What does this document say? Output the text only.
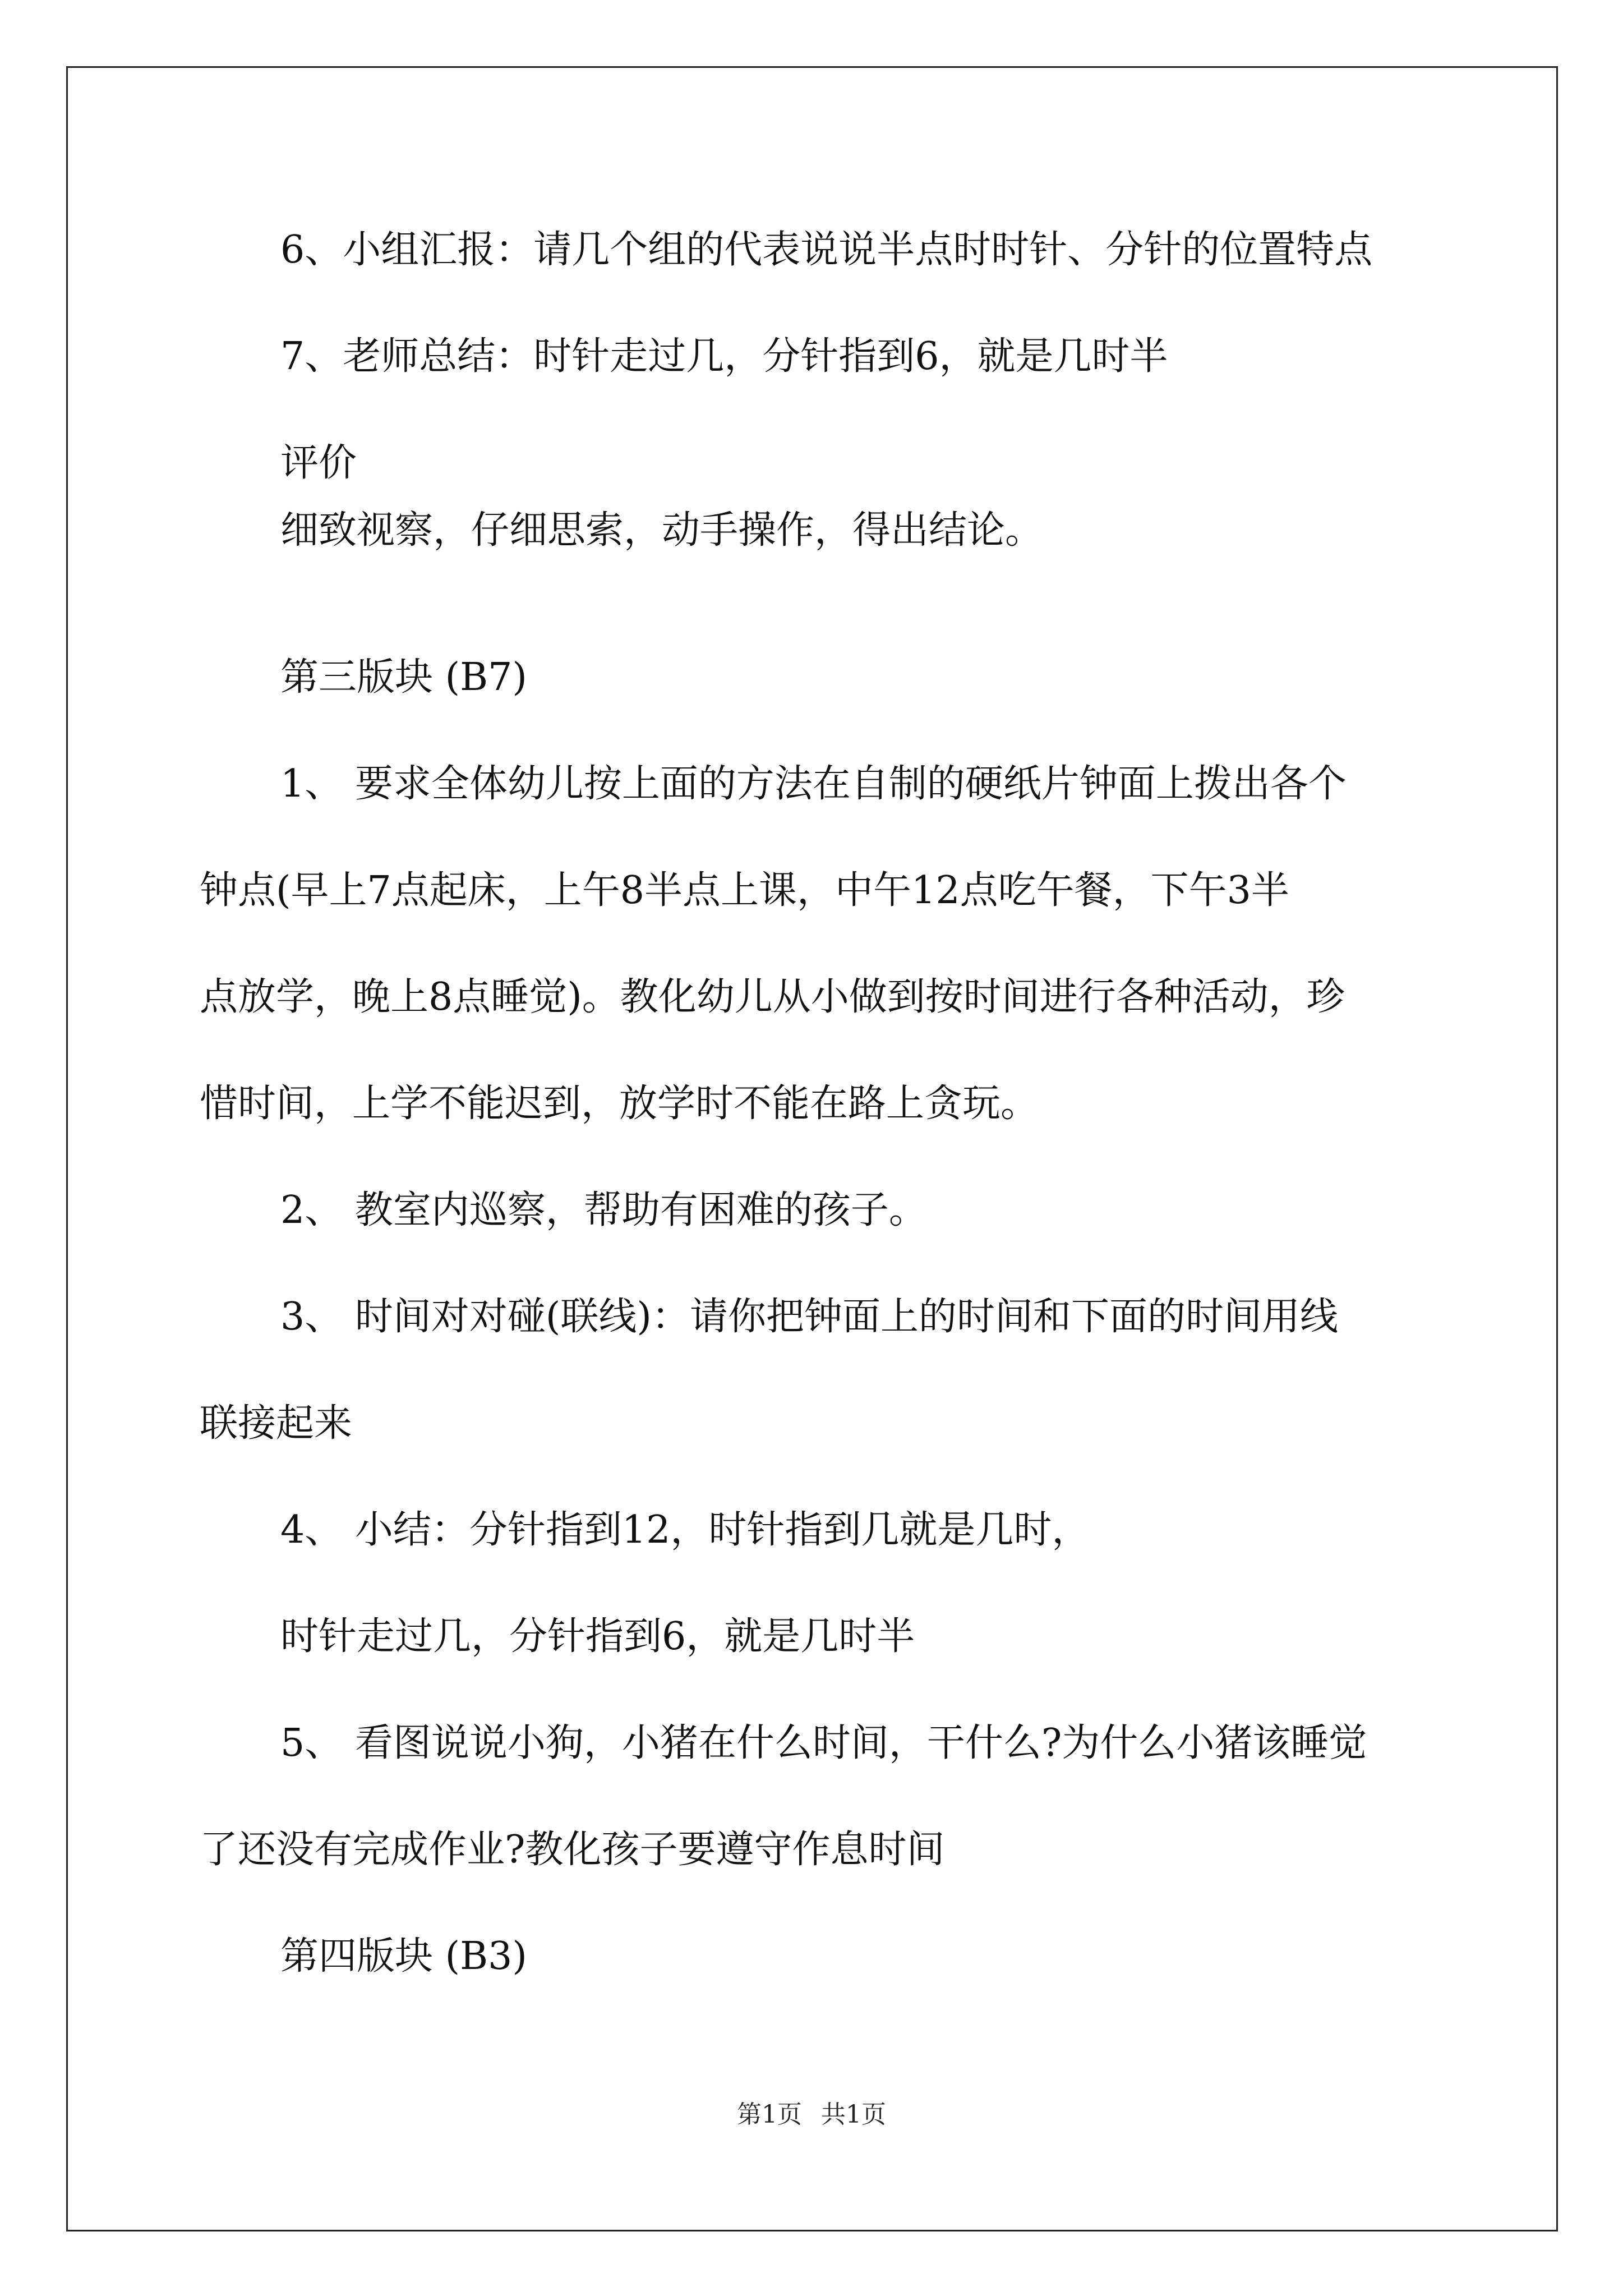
6、小组汇报：请几个组的代表说说半点时时针、分针的位置特点
7、老师总结：时针走过几，分针指到6，就是几时半
评价
细致视察，仔细思索，动手操作，得出结论。
第三版块 (B7)
1、 要求全体幼儿按上面的方法在自制的硬纸片钟面上拨出各个
钟点(早上7点起床，上午8半点上课，中午12点吃午餐，下午3半
点放学，晚上8点睡觉)。教化幼儿从小做到按时间进行各种活动，珍
惜时间，上学不能迟到，放学时不能在路上贪玩。
2、 教室内巡察，帮助有困难的孩子。
3、 时间对对碰(联线)：请你把钟面上的时间和下面的时间用线
联接起来
4、 小结：分针指到12，时针指到几就是几时，
时针走过几，分针指到6，就是几时半
5、 看图说说小狗，小猪在什么时间，干什么?为什么小猪该睡觉
了还没有完成作业?教化孩子要遵守作息时间
第四版块 (B3)
第1页 共1页
